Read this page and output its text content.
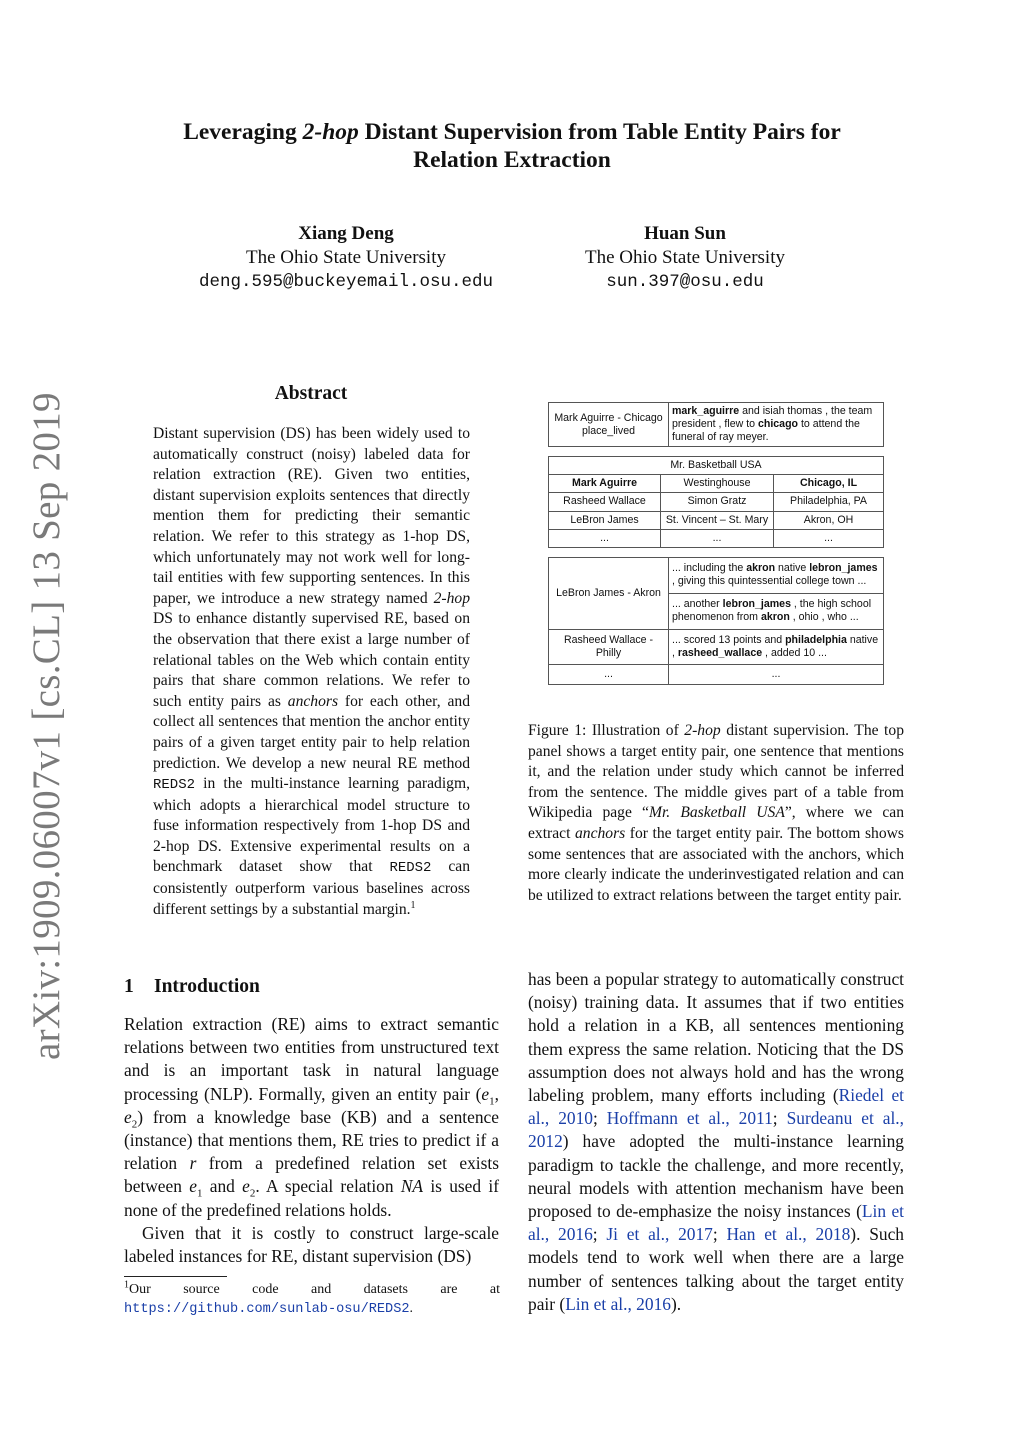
arXiv:1909.06007v1 [cs.CL] 13 Sep 2019
Leveraging 2-hop Distant Supervision from Table Entity Pairs for
Relation Extraction
Xiang Deng
The Ohio State University
deng.595@buckeyemail.osu.edu
Huan Sun
The Ohio State University
sun.397@osu.edu
Abstract
Distant supervision (DS) has been widely used to automatically construct (noisy) labeled data for relation extraction (RE). Given two entities, distant supervision exploits sentences that directly mention them for predicting their semantic relation. We refer to this strategy as 1-hop DS, which unfortunately may not work well for long-tail entities with few supporting sentences. In this paper, we introduce a new strategy named 2-hop DS to enhance distantly supervised RE, based on the observation that there exist a large number of relational tables on the Web which contain entity pairs that share common relations. We refer to such entity pairs as anchors for each other, and collect all sentences that mention the anchor entity pairs of a given target entity pair to help relation prediction. We develop a new neural RE method REDS2 in the multi-instance learning paradigm, which adopts a hierarchical model structure to fuse information respectively from 1-hop DS and 2-hop DS. Extensive experimental results on a benchmark dataset show that REDS2 can consistently outperform various baselines across different settings by a substantial margin.$^1$
Mark Aguirre - Chicago
place_lived
	mark_aguirre and isiah thomas , the team president , flew to chicago to attend the funeral of ray meyer.
Mr. Basketball USA		
Mark Aguirre	Westinghouse	Chicago, IL
Rasheed Wallace	Simon Gratz	Philadelphia, PA
LeBron James	St. Vincent – St. Mary	Akron, OH
...	...	...
LeBron James - Akron	... including the akron native lebron_james , giving this quintessential college town ...
	... another lebron_james , the high school phenomenon from akron , ohio , who ...
Rasheed Wallace - Philly	... scored 13 points and philadelphia native , rasheed_wallace , added 10 ...
...	...
Figure 1: Illustration of 2-hop distant supervision. The top panel shows a target entity pair, one sentence that mentions it, and the relation under study which cannot be inferred from the sentence. The middle gives part of a table from Wikipedia page “Mr. Basketball USA”, where we can extract anchors for the target entity pair. The bottom shows some sentences that are associated with the anchors, which more clearly indicate the underinvestigated relation and can be utilized to extract relations between the target entity pair.
1 Introduction

Relation extraction (RE) aims to extract semantic relations between two entities from unstructured text and is an important task in natural language processing (NLP). Formally, given an entity pair ($e_1$, $e_2$) from a knowledge base (KB) and a sentence (instance) that mentions them, RE tries to predict if a relation r from a predefined relation set exists between $e_1$ and $e_2$. A special relation NA is used if none of the predefined relations holds.

Given that it is costly to construct large-scale labeled instances for RE, distant supervision (DS)

$^1$Our source code and datasets are at https://github.com/sunlab-osu/REDS2.
has been a popular strategy to automatically construct (noisy) training data. It assumes that if two entities hold a relation in a KB, all sentences mentioning them express the same relation. Noticing that the DS assumption does not always hold and has the wrong labeling problem, many efforts including (Riedel et al., 2010; Hoffmann et al., 2011; Surdeanu et al., 2012) have adopted the multi-instance learning paradigm to tackle the challenge, and more recently, neural models with attention mechanism have been proposed to de-emphasize the noisy instances (Lin et al., 2016; Ji et al., 2017; Han et al., 2018). Such models tend to work well when there are a large number of sentences talking about the target entity pair (Lin et al., 2016).
